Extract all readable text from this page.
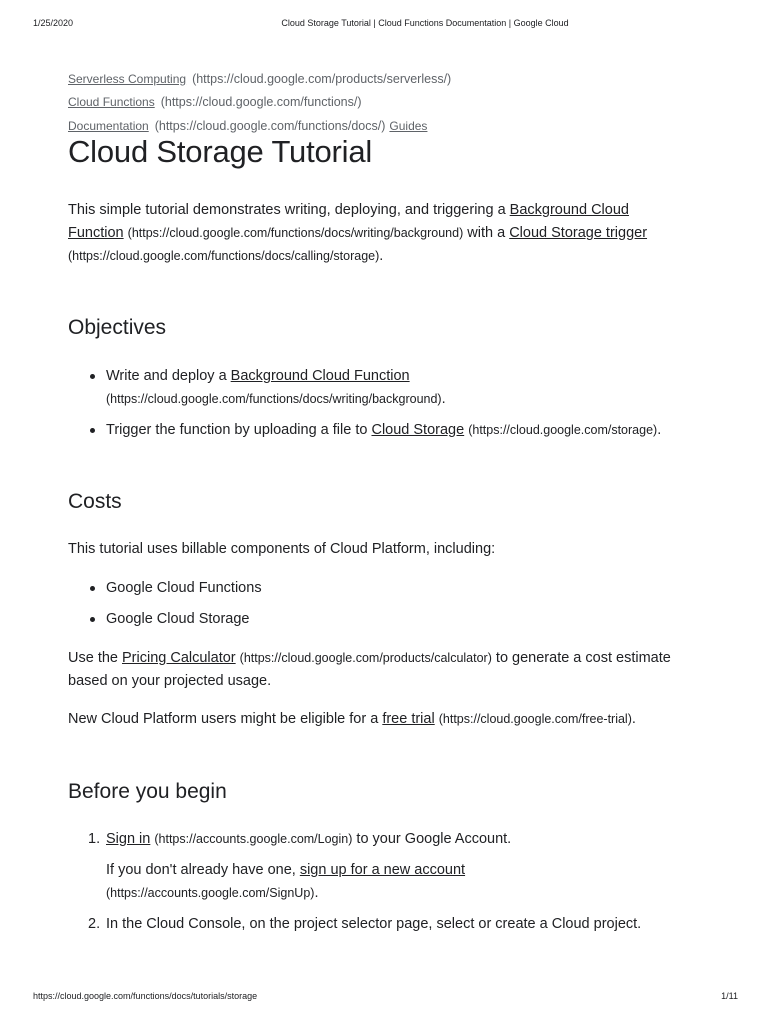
1/25/2020	Cloud Storage Tutorial | Cloud Functions Documentation | Google Cloud
Serverless Computing (https://cloud.google.com/products/serverless/)
Cloud Functions (https://cloud.google.com/functions/)
Documentation (https://cloud.google.com/functions/docs/) Guides
Cloud Storage Tutorial

This simple tutorial demonstrates writing, deploying, and triggering a Background Cloud Function (https://cloud.google.com/functions/docs/writing/background) with a Cloud Storage trigger (https://cloud.google.com/functions/docs/calling/storage).

Objectives
Write and deploy a Background Cloud Function
(https://cloud.google.com/functions/docs/writing/background).
Trigger the function by uploading a file to Cloud Storage (https://cloud.google.com/storage).
Costs

This tutorial uses billable components of Cloud Platform, including:

Google Cloud Functions
Google Cloud Storage

Use the Pricing Calculator (https://cloud.google.com/products/calculator) to generate a cost estimate based on your projected usage.

New Cloud Platform users might be eligible for a free trial (https://cloud.google.com/free-trial).

Before you begin
1. Sign in (https://accounts.google.com/Login) to your Google Account.
If you don't already have one, sign up for a new account
(https://accounts.google.com/SignUp).
2. In the Cloud Console, on the project selector page, select or create a Cloud project.
https://cloud.google.com/functions/docs/tutorials/storage	1/11
